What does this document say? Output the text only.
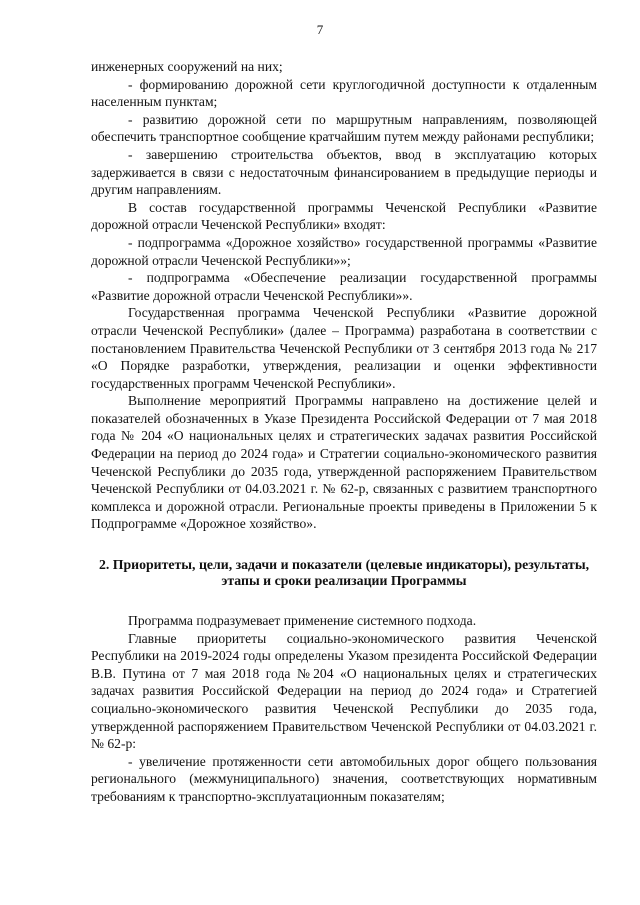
7

инженерных сооружений на них;

- формированию дорожной сети круглогодичной доступности к отдаленным населенным пунктам;

- развитию дорожной сети по маршрутным направлениям, позволяющей обеспечить транспортное сообщение кратчайшим путем между районами республики;

- завершению строительства объектов, ввод в эксплуатацию которых задерживается в связи с недостаточным финансированием в предыдущие периоды и другим направлениям.

В состав государственной программы Чеченской Республики «Развитие дорожной отрасли Чеченской Республики» входят:

- подпрограмма «Дорожное хозяйство» государственной программы «Развитие дорожной отрасли Чеченской Республики»»;

- подпрограмма «Обеспечение реализации государственной программы «Развитие дорожной отрасли Чеченской Республики»».

Государственная программа Чеченской Республики «Развитие дорожной отрасли Чеченской Республики» (далее – Программа) разработана в соответствии с постановлением Правительства Чеченской Республики от 3 сентября 2013 года № 217 «О Порядке разработки, утверждения, реализации и оценки эффективности государственных программ Чеченской Республики».

Выполнение мероприятий Программы направлено на достижение целей и показателей обозначенных в Указе Президента Российской Федерации от 7 мая 2018 года № 204 «О национальных целях и стратегических задачах развития Российской Федерации на период до 2024 года» и Стратегии социально-экономического развития Чеченской Республики до 2035 года, утвержденной распоряжением Правительством Чеченской Республики от 04.03.2021 г. № 62-р, связанных с развитием транспортного комплекса и дорожной отрасли. Региональные проекты приведены в Приложении 5 к Подпрограмме «Дорожное хозяйство».

2. Приоритеты, цели, задачи и показатели (целевые индикаторы), результаты, этапы и сроки реализации Программы

Программа подразумевает применение системного подхода.

Главные приоритеты социально-экономического развития Чеченской Республики на 2019-2024 годы определены Указом президента Российской Федерации В.В. Путина от 7 мая 2018 года №204 «О национальных целях и стратегических задачах развития Российской Федерации на период до 2024 года» и Стратегией социально-экономического развития Чеченской Республики до 2035 года, утвержденной распоряжением Правительством Чеченской Республики от 04.03.2021 г. № 62-р:

- увеличение протяженности сети автомобильных дорог общего пользования регионального (межмуниципального) значения, соответствующих нормативным требованиям к транспортно-эксплуатационным показателям;
